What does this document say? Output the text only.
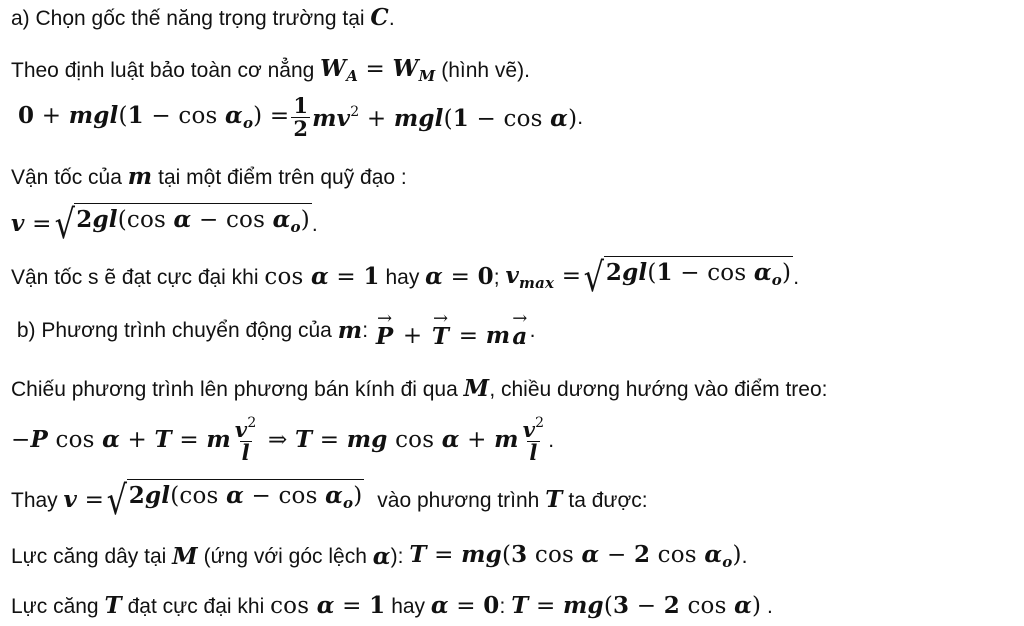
a) Chọn gốc thế năng trọng trường tại C .
Theo định luật bảo toàn cơ nẳng $W_A = W_M$ (hình vẽ).
$0 + mgl(1 - \cos \alpha_o) = \frac{1}{2} mv^2 + mgl(1 - \cos \alpha)$ .
Vận tốc của m tại một điểm trên quỹ đạo :
v = √ 2gl(cos $\alpha - \cos \alpha_o$) .
Vận tốc s ẽ đạt cực đại khi cos α = 1 hay α = 0 ; $v_{max}$ = √ $2gl(1 - \cos \alpha_o)$ .
b) Phương trình chuyển động của m :
→
P +
→
T = m
→
a .
Chiếu phương trình lên phương bán kính đi qua M , chiều dương hướng vào điểm treo:
−P cos α + T = m $\frac{v^2}{l}$ ⇒ T = mg cos α + m $\frac{v^2}{l}$ .
Thay v = √ 2gl(cos $\alpha - \cos \alpha_o$) vào phương trình T ta được:
Lực căng dây tại M (ứng với góc lệch α ): T = mg(3 cos α − 2 $\cos \alpha_o$) .
Lực căng T đạt cực đại khi cos α = 1 hay α = 0 : T = mg(3 − 2 cos α) .
